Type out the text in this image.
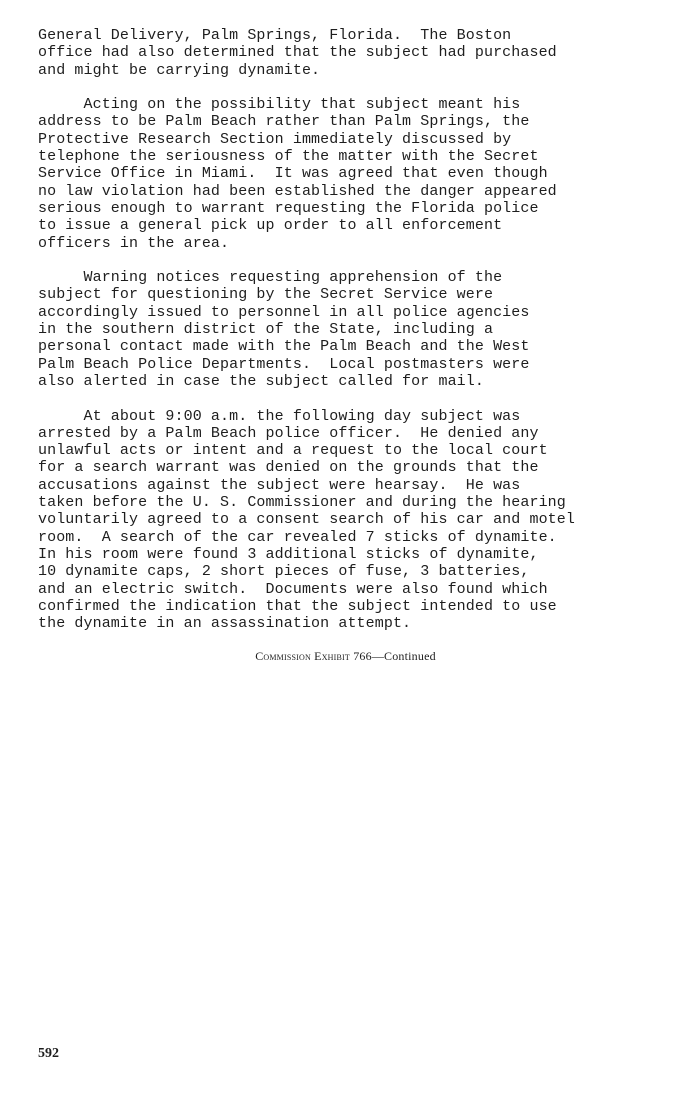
General Delivery, Palm Springs, Florida.  The Boston
office had also determined that the subject had purchased
and might be carrying dynamite.
Acting on the possibility that subject meant his
address to be Palm Beach rather than Palm Springs, the
Protective Research Section immediately discussed by
telephone the seriousness of the matter with the Secret
Service Office in Miami.  It was agreed that even though
no law violation had been established the danger appeared
serious enough to warrant requesting the Florida police
to issue a general pick up order to all enforcement
officers in the area.
Warning notices requesting apprehension of the
subject for questioning by the Secret Service were
accordingly issued to personnel in all police agencies
in the southern district of the State, including a
personal contact made with the Palm Beach and the West
Palm Beach Police Departments.  Local postmasters were
also alerted in case the subject called for mail.
At about 9:00 a.m. the following day subject was
arrested by a Palm Beach police officer.  He denied any
unlawful acts or intent and a request to the local court
for a search warrant was denied on the grounds that the
accusations against the subject were hearsay.  He was
taken before the U. S. Commissioner and during the hearing
voluntarily agreed to a consent search of his car and motel
room.  A search of the car revealed 7 sticks of dynamite.
In his room were found 3 additional sticks of dynamite,
10 dynamite caps, 2 short pieces of fuse, 3 batteries,
and an electric switch.  Documents were also found which
confirmed the indication that the subject intended to use
the dynamite in an assassination attempt.
Commission Exhibit 766—Continued
592
